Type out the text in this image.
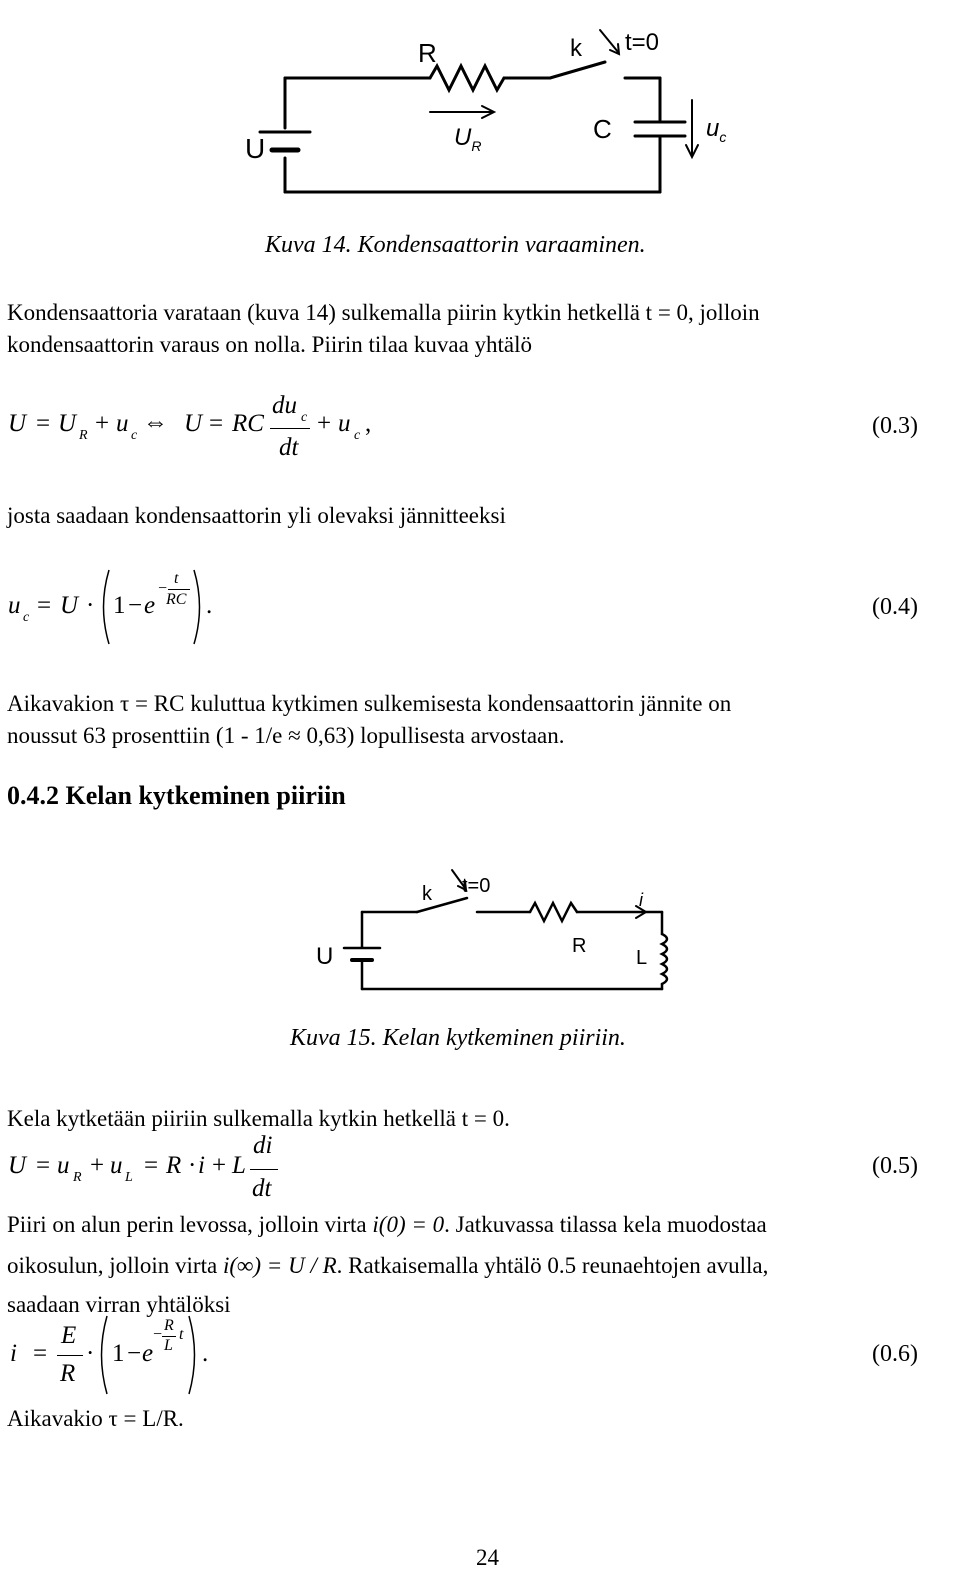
R	k t=0
U
C
$U_R$
$u_c$
Kuva 14. Kondensaattorin varaaminen.
Kondensaattoria varataan (kuva 14) sulkemalla piirin kytkin hetkellä t = 0, jolloin
kondensaattorin varaus on nolla. Piirin tilaa kuvaa yhtälö
U = U R + u c ⇔ U = RC
du c
dt
+ u c ,	(0.3)
josta saadaan kondensaattorin yli olevaksi jännitteeksi
u c = U · 1 − e
−
t
RC .	(0.4)
Aikavakion τ = RC kuluttua kytkimen sulkemisesta kondensaattorin jännite on
noussut 63 prosenttiin (1 - 1/e ≈ 0,63) lopullisesta arvostaan.
0.4.2 Kelan kytkeminen piiriin
k t=0
U	R
L
i
Kuva 15. Kelan kytkeminen piiriin.
Kela kytketään piiriin sulkemalla kytkin hetkellä t = 0.
U = u R + u L = R · i + L
di
dt
(0.5)
Piiri on alun perin levossa, jolloin virta i(0) = 0. Jatkuvassa tilassa kela muodostaa
oikosulun, jolloin virta i(∞) = U / R. Ratkaisemalla yhtälö 0.5 reunaehtojen avulla,
saadaan virran yhtälöksi
i =
E
R
· 1 − e
−
R
L
t
.	(0.6)
Aikavakio τ = L/R.
24
